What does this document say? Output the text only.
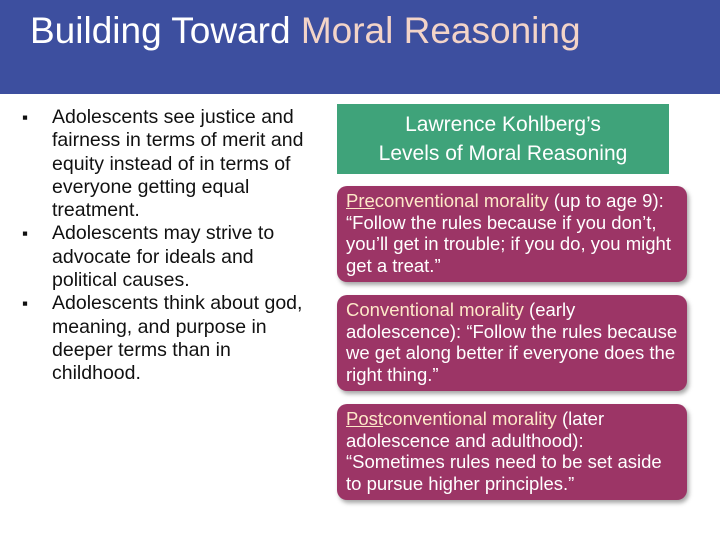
Building Toward Moral Reasoning
▪ Adolescents see justice and fairness in terms of merit and equity instead of in terms of everyone getting equal treatment.
▪ Adolescents may strive to advocate for ideals and political causes.
▪ Adolescents think about god, meaning, and purpose in deeper terms than in childhood.
Lawrence Kohlberg’s
Levels of Moral Reasoning
Preconventional morality (up to age 9): “Follow the rules because if you don’t, you’ll get in trouble; if you do, you might get a treat.”
Conventional morality (early adolescence): “Follow the rules because we get along better if everyone does the right thing.”
Postconventional morality (later adolescence and adulthood): “Sometimes rules need to be set aside to pursue higher principles.”
